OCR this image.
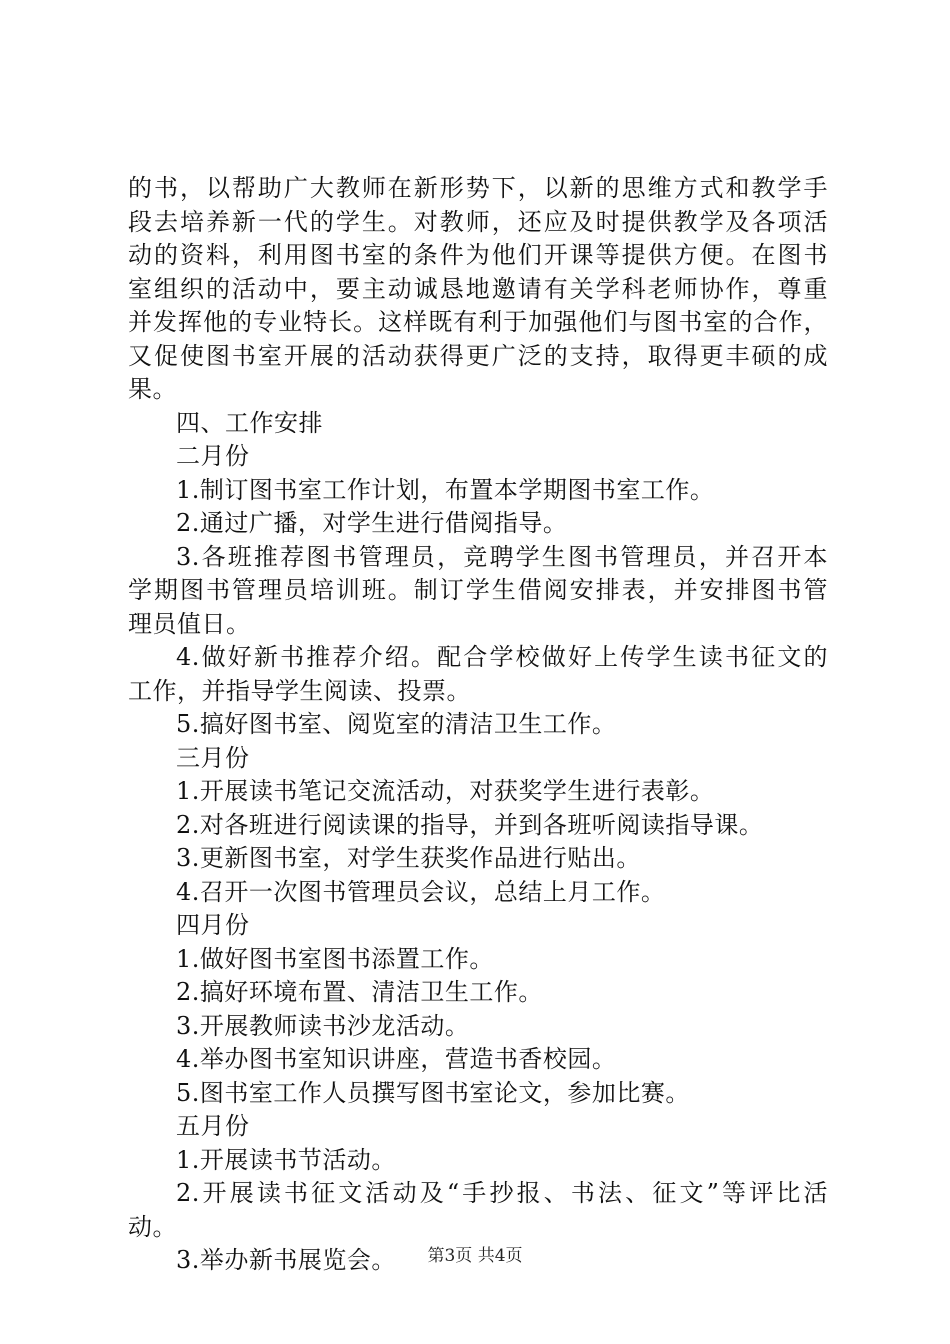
的书，以帮助广大教师在新形势下，以新的思维方式和教学手
段去培养新一代的学生。对教师，还应及时提供教学及各项活
动的资料，利用图书室的条件为他们开课等提供方便。在图书
室组织的活动中，要主动诚恳地邀请有关学科老师协作，尊重
并发挥他的专业特长。这样既有利于加强他们与图书室的合作，
又促使图书室开展的活动获得更广泛的支持，取得更丰硕的成
果。
四、工作安排
二月份
1.制订图书室工作计划，布置本学期图书室工作。
2.通过广播，对学生进行借阅指导。
3.各班推荐图书管理员，竞聘学生图书管理员，并召开本
学期图书管理员培训班。制订学生借阅安排表，并安排图书管
理员值日。
4.做好新书推荐介绍。配合学校做好上传学生读书征文的
工作，并指导学生阅读、投票。
5.搞好图书室、阅览室的清洁卫生工作。
三月份
1.开展读书笔记交流活动，对获奖学生进行表彰。
2.对各班进行阅读课的指导，并到各班听阅读指导课。
3.更新图书室，对学生获奖作品进行贴出。
4.召开一次图书管理员会议，总结上月工作。
四月份
1.做好图书室图书添置工作。
2.搞好环境布置、清洁卫生工作。
3.开展教师读书沙龙活动。
4.举办图书室知识讲座，营造书香校园。
5.图书室工作人员撰写图书室论文，参加比赛。
五月份
1.开展读书节活动。
2.开展读书征文活动及“手抄报、书法、征文”等评比活
动。
3.举办新书展览会。	第3页 共4页
